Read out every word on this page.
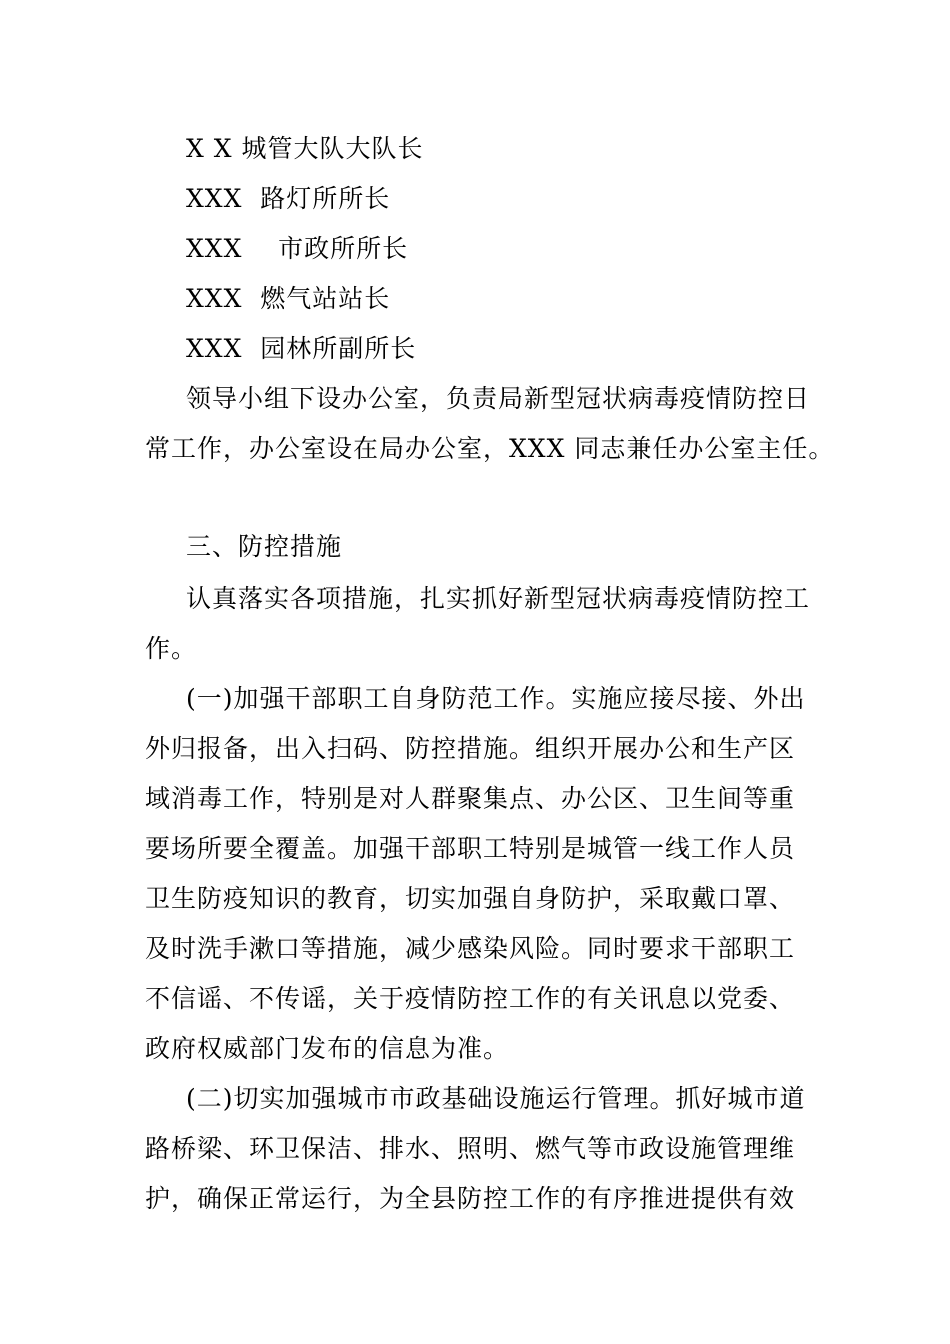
X X 城管大队大队长
XXX  路灯所所长
XXX    市政所所长
XXX  燃气站站长
XXX  园林所副所长
领导小组下设办公室，负责局新型冠状病毒疫情防控日
常工作，办公室设在局办公室，XXX 同志兼任办公室主任。
三、防控措施
认真落实各项措施，扎实抓好新型冠状病毒疫情防控工
作。
(一)加强干部职工自身防范工作。实施应接尽接、外出
外归报备，出入扫码、防控措施。组织开展办公和生产区
域消毒工作，特别是对人群聚集点、办公区、卫生间等重
要场所要全覆盖。加强干部职工特别是城管一线工作人员
卫生防疫知识的教育，切实加强自身防护，采取戴口罩、
及时洗手漱口等措施，减少感染风险。同时要求干部职工
不信谣、不传谣，关于疫情防控工作的有关讯息以党委、
政府权威部门发布的信息为准。
(二)切实加强城市市政基础设施运行管理。抓好城市道
路桥梁、环卫保洁、排水、照明、燃气等市政设施管理维
护，确保正常运行，为全县防控工作的有序推进提供有效
